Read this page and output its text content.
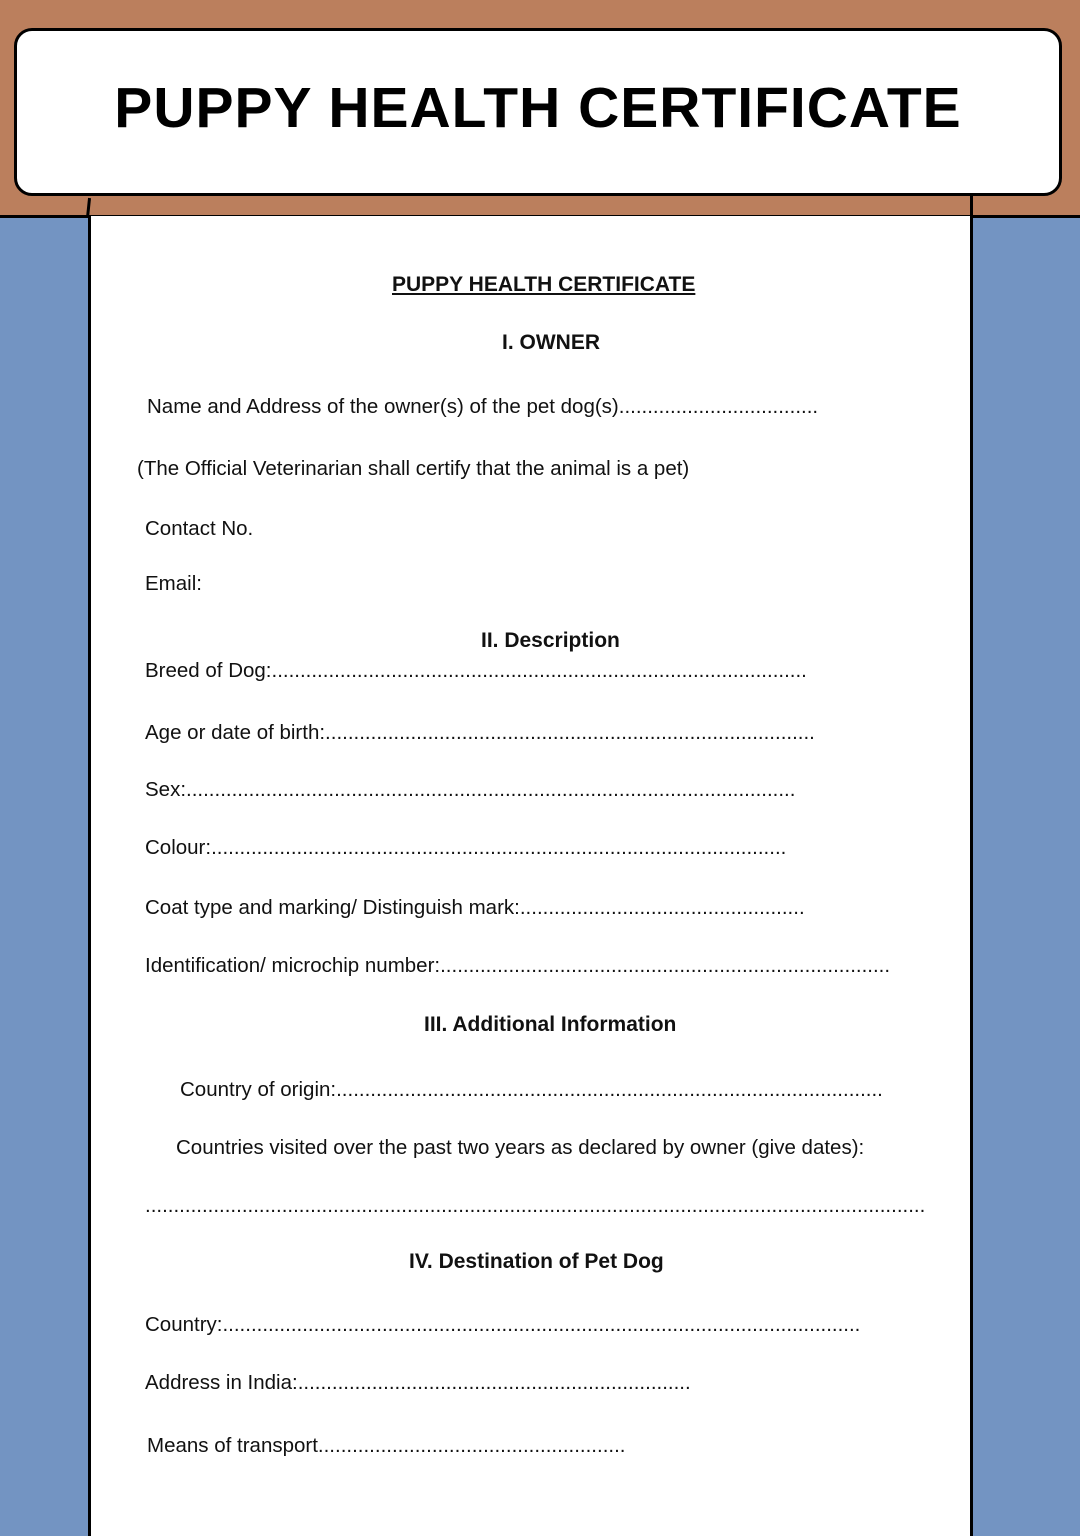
PUPPY HEALTH CERTIFICATE
PUPPY HEALTH CERTIFICATE
I. OWNER
Name and Address of the owner(s) of the pet dog(s)...................................
(The Official Veterinarian shall certify that the animal is a pet)
Contact No.
Email:
II. Description
Breed of Dog:..............................................................................................
Age or date of birth:......................................................................................
Sex:...........................................................................................................
Colour:.....................................................................................................
Coat type and marking/ Distinguish mark:..................................................
Identification/ microchip number:...............................................................................
III. Additional Information
Country of origin:................................................................................................
Countries visited over the past two years as declared by owner (give dates):
.........................................................................................................................................
IV. Destination of Pet Dog
Country:................................................................................................................
Address in India:.....................................................................
Means of transport......................................................
